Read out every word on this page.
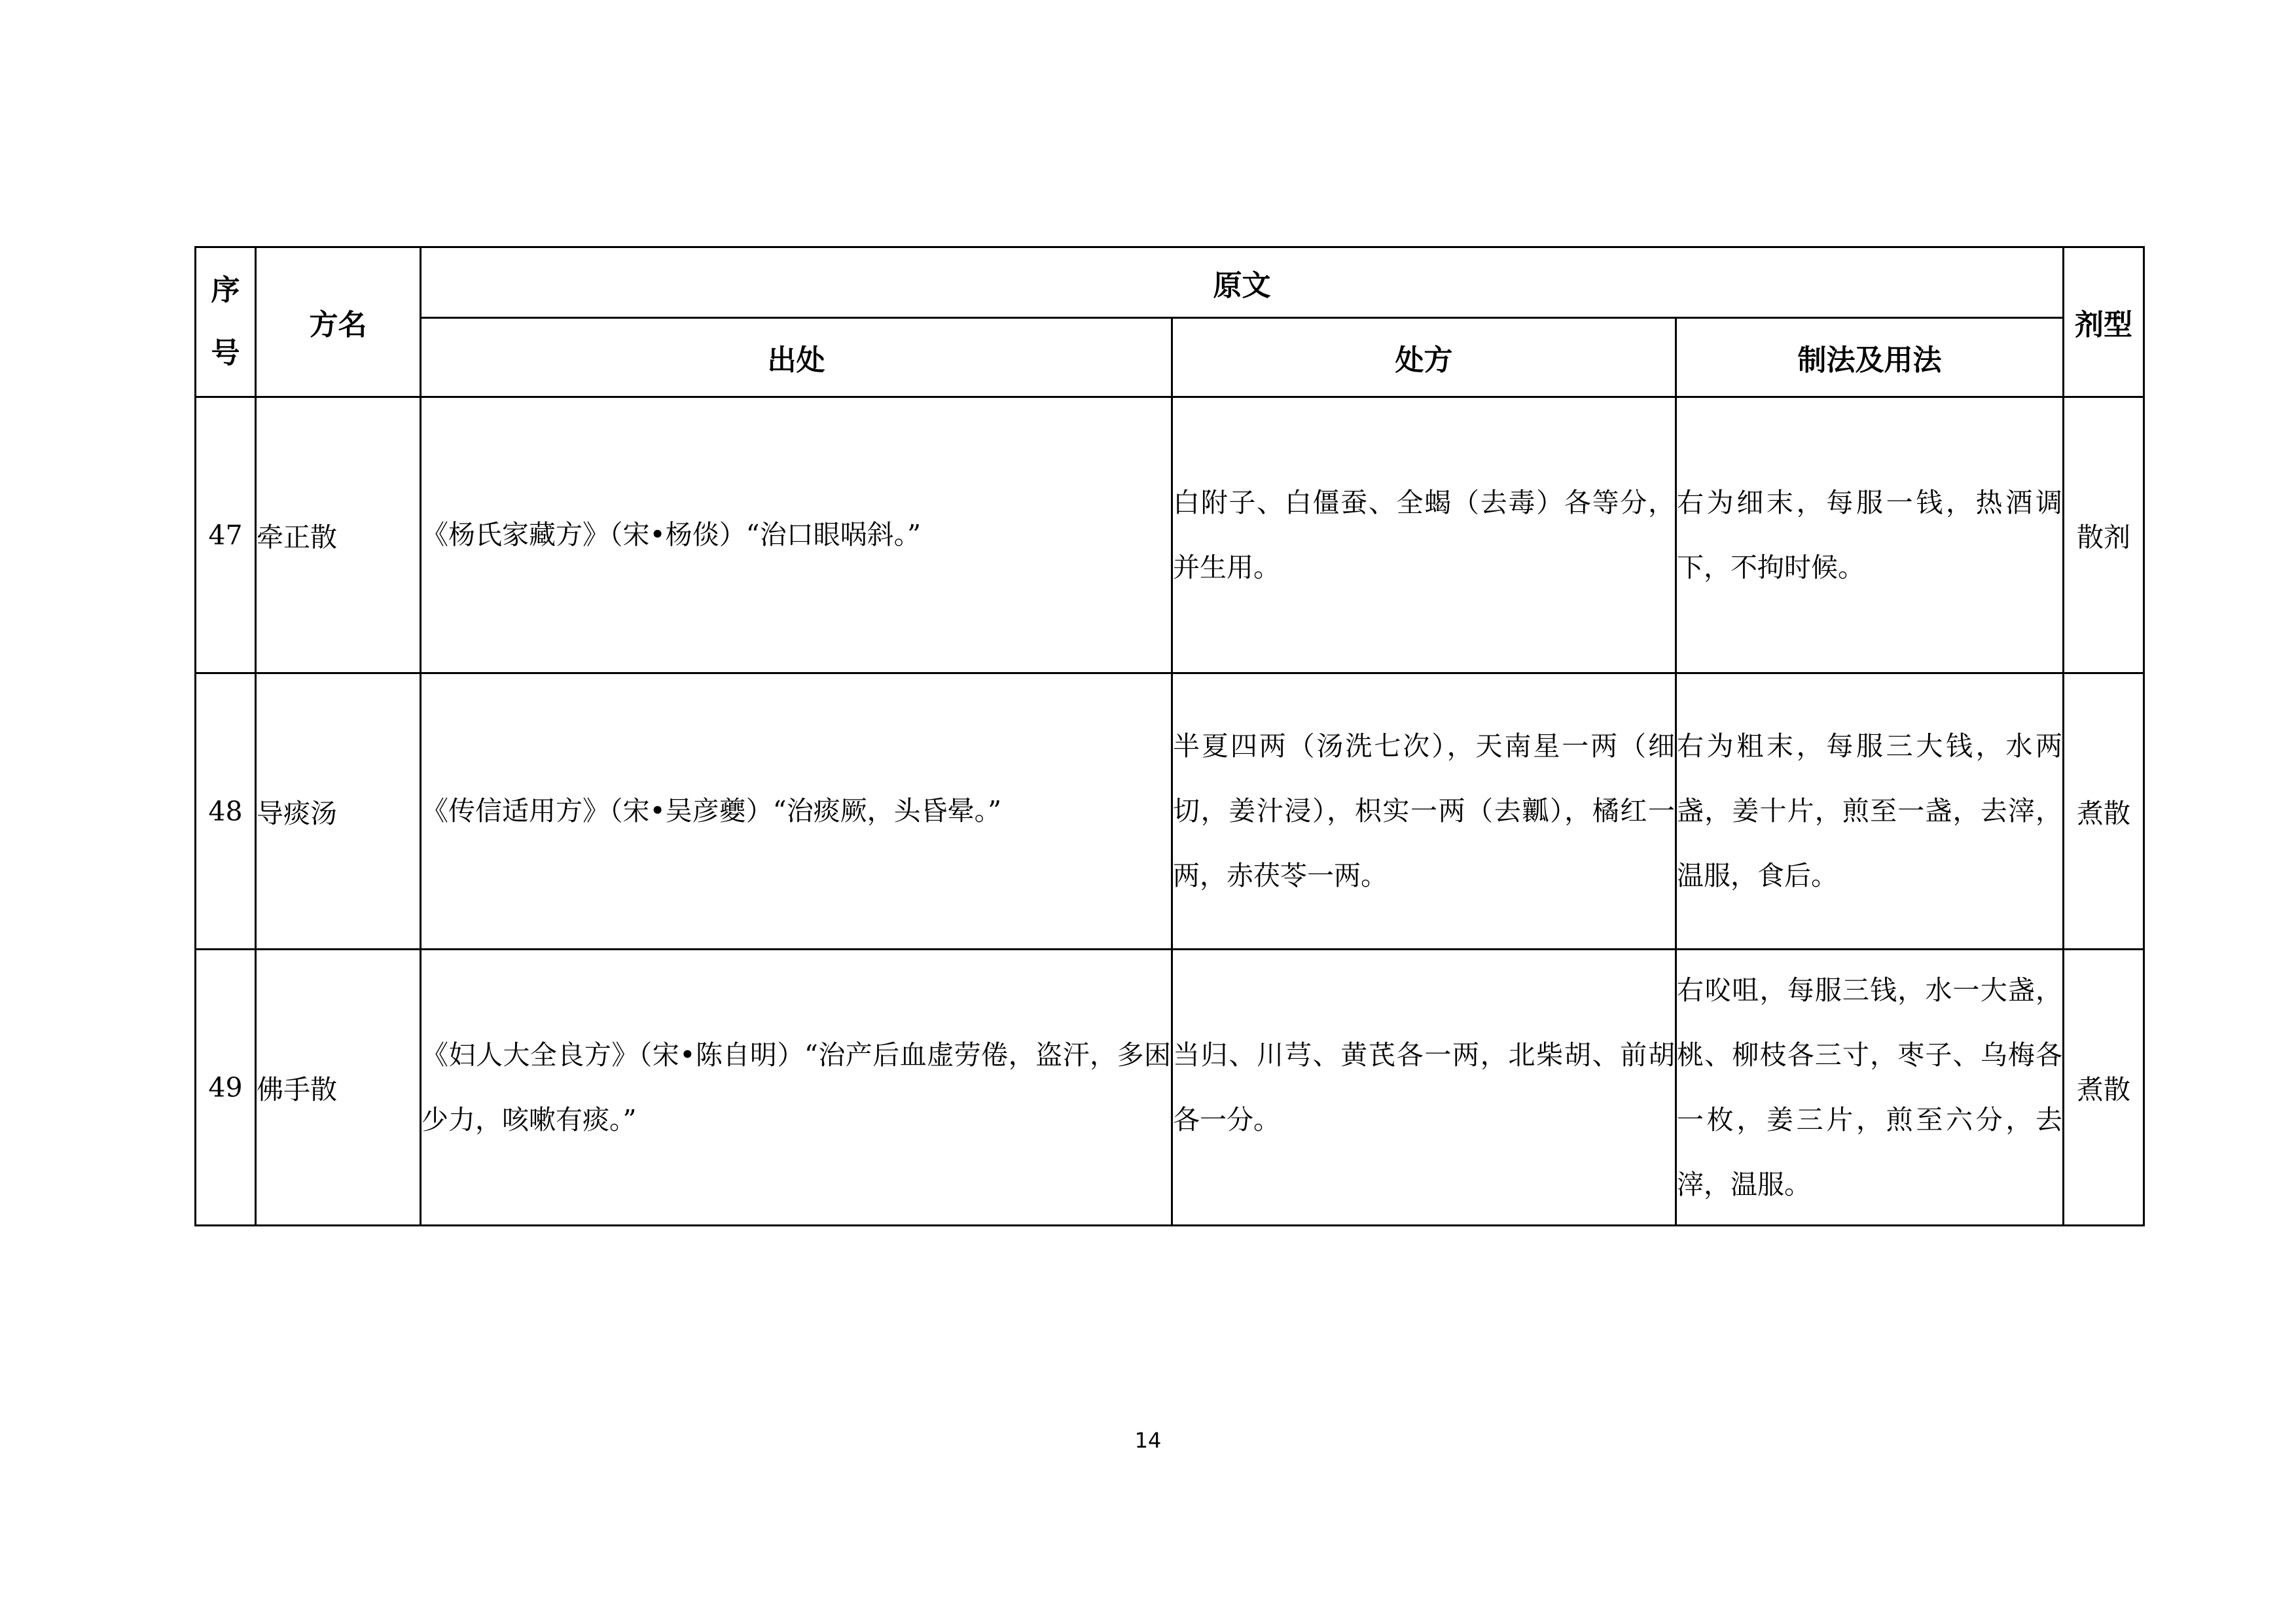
序
号	方名	原文			剂型
		出处	处方	制法及用法	
47	牵正散	《杨氏家藏方》（宋•杨倓）“治口眼㖞斜。”	白附子、白僵蚕、全蝎（去毒）各等分，并生用。	右为细末，每服一钱，热酒调下，不拘时候。	散剂
48	导痰汤	《传信适用方》（宋•吴彦夔）“治痰厥，头昏晕。”	半夏四两（汤洗七次），天南星一两（细切，姜汁浸），枳实一两（去瓤），橘红一两，赤茯苓一两。	右为粗末，每服三大钱，水两盏，姜十片，煎至一盏，去滓，温服，食后。	煮散
49	佛手散	《妇人大全良方》（宋•陈自明）“治产后血虚劳倦，盗汗，多困少力，咳嗽有痰。”	当归、川芎、黄芪各一两，北柴胡、前胡各一分。	右㕮咀，每服三钱，水一大盏，桃、柳枝各三寸，枣子、乌梅各一枚，姜三片，煎至六分，去滓，温服。	煮散
14
